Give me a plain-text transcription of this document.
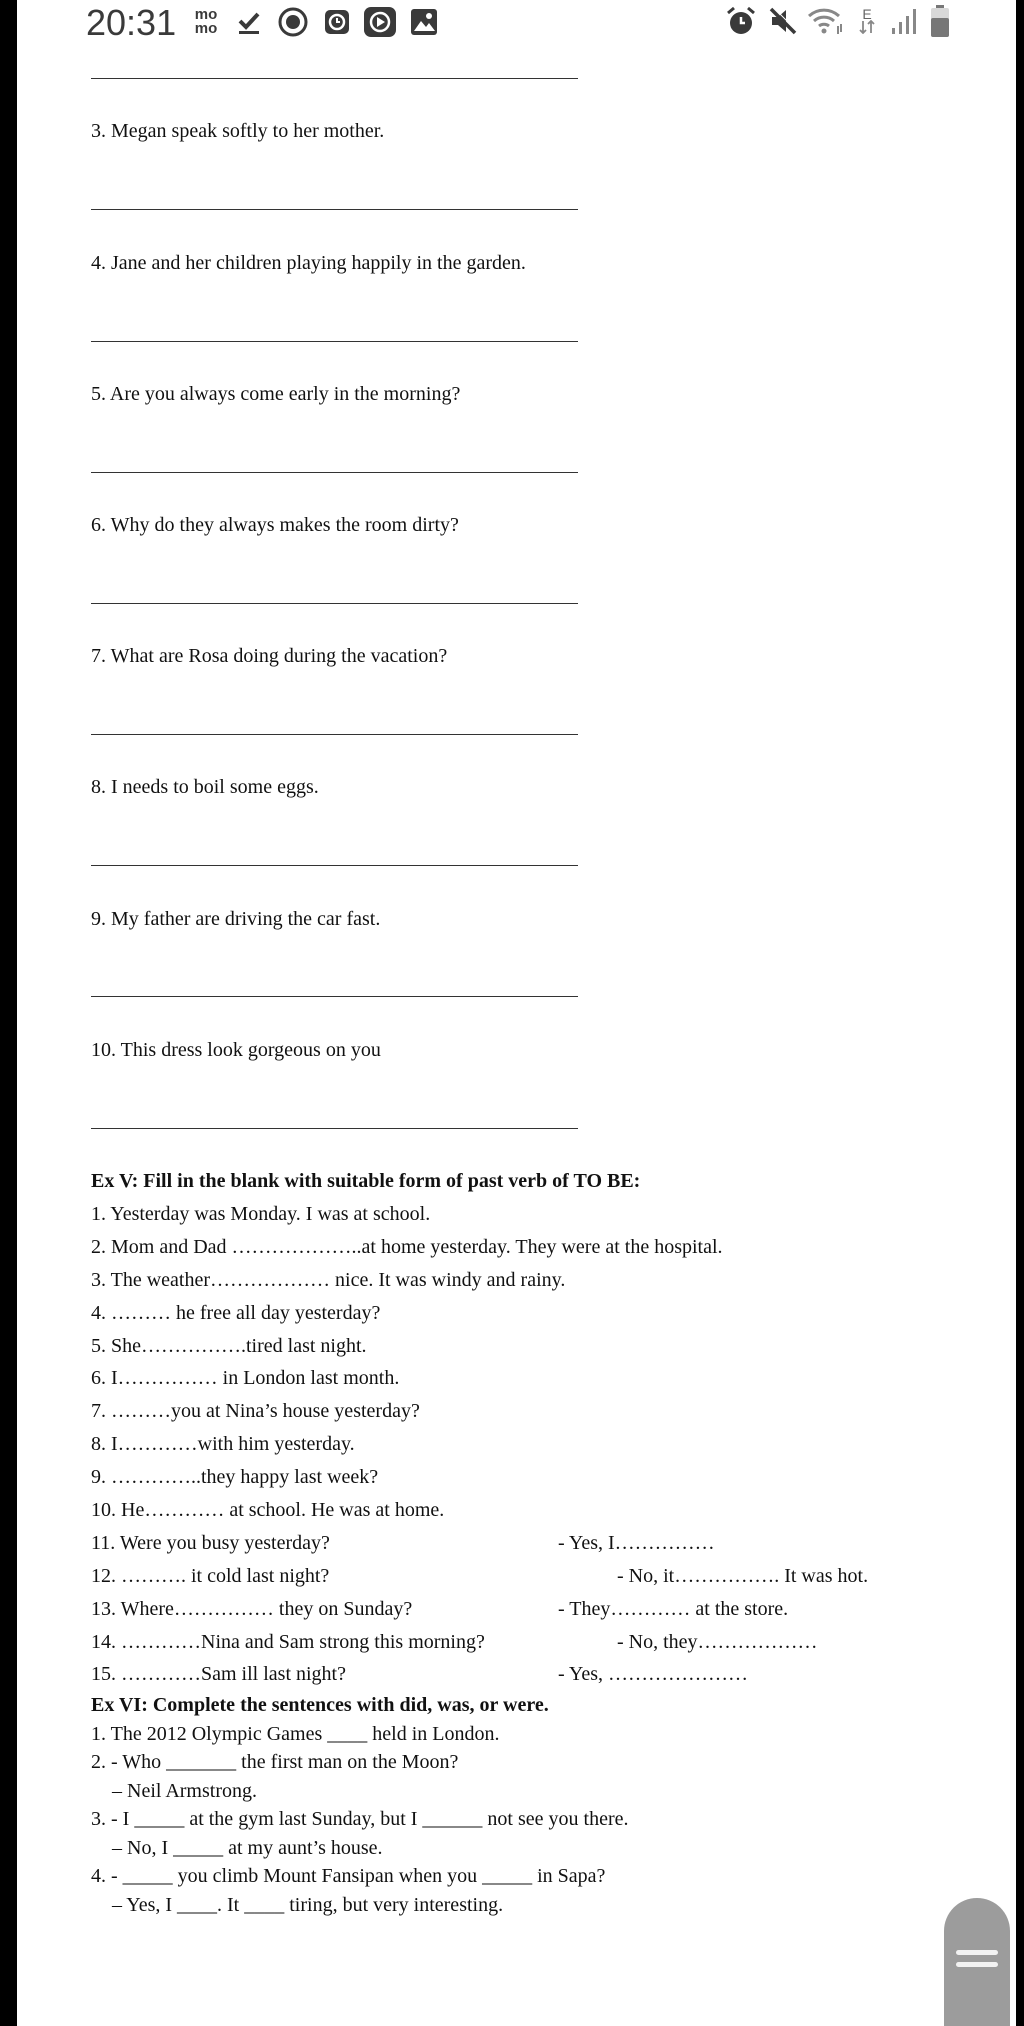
20:31 mo
mo
E
3. Megan speak softly to her mother.
4. Jane and her children playing happily in the garden.
5. Are you always come early in the morning?
6. Why do they always makes the room dirty?
7. What are Rosa doing during the vacation?
8. I needs to boil some eggs.
9. My father are driving the car fast.
10. This dress look gorgeous on you
Ex V: Fill in the blank with suitable form of past verb of TO BE:
1. Yesterday was Monday. I was at school.
2. Mom and Dad ………………..at home yesterday. They were at the hospital.
3. The weather……………… nice. It was windy and rainy.
4. ……… he free all day yesterday?
5. She…………….tired last night.
6. I…………… in London last month.
7. ………you at Nina’s house yesterday?
8. I…………with him yesterday.
9. …………..they happy last week?
10. He………… at school. He was at home.
11. Were you busy yesterday?	- Yes, I……………
12. ………. it cold last night?	- No, it……………. It was hot.
13. Where…………… they on Sunday?	- They………… at the store.
14. …………Nina and Sam strong this morning?	- No, they………………
15. …………Sam ill last night?	- Yes, …………………
Ex VI: Complete the sentences with did, was, or were.
1. The 2012 Olympic Games ____ held in London.
2. - Who _______ the first man on the Moon?
– Neil Armstrong.
3. - I _____ at the gym last Sunday, but I ______ not see you there.
– No, I _____ at my aunt’s house.
4. - _____ you climb Mount Fansipan when you _____ in Sapa?
– Yes, I ____. It ____ tiring, but very interesting.
